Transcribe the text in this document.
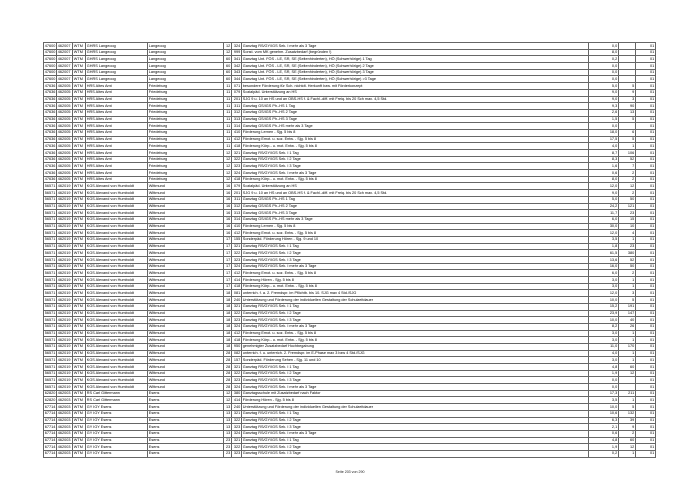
47600	462007	WTM	GHRS Langeoog	Langeoog	12	324	Ganztag RS/GY/IGS Sek. I mehr als 3 Tage	0,0		01
47600	462007	WTM	GHRS Langeoog	Langeoog	12	999	Sonst. vom MK genehm. Zusatzbedarf (begründen !)	8,0		01
47600	462007	WTM	GHRS Langeoog	Langeoog	60	341	Ganztag Unt. FÖS - LE, SR, SE (Seitenhinderten), HÖ (Schwerhörige) 1 Tag	0,2		01
47600	462007	WTM	GHRS Langeoog	Langeoog	60	342	Ganztag Unt. FÖS - LE, SR, SE (Seitenhinderten), HÖ (Schwerhörige) 2 Tage	0,0		01
47600	462007	WTM	GHRS Langeoog	Langeoog	60	343	Ganztag Unt. FÖS - LE, SR, SE (Seitenhinderten), HÖ (Schwerhörige) 3 Tage	0,0		01
47600	462007	WTM	GHRS Langeoog	Langeoog	60	344	Ganztag Unt. FÖS - LE, SR, SE (Seitenhinderten), HÖ (Schwerhörige) >3 Tage	0,0		01
47636	462005	WTM	HRS Altes Amt	Friedeburg	11	071	besondere Förderung für Sch. nichtdt. Herkunft bzw. mit Förderkonzept	5,0	5	01
47636	462005	WTM	HRS Altes Amt	Friedeburg	11	079	Sozialpäd. Unterstützung an HS	9,0	9	01
47636	462005	WTM	HRS Altes Amt	Friedeburg	11	201	SJG 9 u. 10 an HS und an OBS-HS f. & Fachl.-diff. mit Freiq. bis 20 Sch max. 4,5 Std.	9,0	3	01
47636	462005	WTM	HRS Altes Amt	Friedeburg	11	311	Ganztag GS/IGS Ph.-HS 1 Tag	9,3	90	01
47636	462005	WTM	HRS Altes Amt	Friedeburg	11	312	Ganztag GS/IGS Ph.-HS 2 Tage	2,6	13	01
47636	462005	WTM	HRS Altes Amt	Friedeburg	11	313	Ganztag GS/IGS Ph.-HS 3 Tage	1,5	5	01
47636	462005	WTM	HRS Altes Amt	Friedeburg	11	314	Ganztag GS/IGS Ph.-HS mehr als 3 Tage	0,0		01
47636	462005	WTM	HRS Altes Amt	Friedeburg	11	410	Förderung Lernen - Sjg. 5 bis 8	18,0	6	01
47636	462005	WTM	HRS Altes Amt	Friedeburg	11	412	Förderung Emot. u. soz. Entw. - Sjg. 5 bis 8	17,5	5	01
47636	462005	WTM	HRS Altes Amt	Friedeburg	11	418	Förderung Körp.- u. mot. Entw. - Sjg. 5 bis 8	4,0	1	01
47636	462005	WTM	HRS Altes Amt	Friedeburg	12	321	Ganztag RS/GY/IGS Sek. I 1 Tag	8,7	106	01
47636	462005	WTM	HRS Altes Amt	Friedeburg	12	322	Ganztag RS/GY/IGS Sek. I 2 Tage	8,3	52	01
47636	462005	WTM	HRS Altes Amt	Friedeburg	12	323	Ganztag RS/GY/IGS Sek. I 3 Tage	1,6	7	01
47636	462005	WTM	HRS Altes Amt	Friedeburg	12	324	Ganztag RS/GY/IGS Sek. I mehr als 3 Tage	0,6	2	01
47636	462005	WTM	HRS Altes Amt	Friedeburg	12	418	Förderung Körp.- u. mot. Entw. - Sjg. 5 bis 8	8,0	2	01
56571	462019	WTM	KGS Alexand von Humboldt	Wittmund	16	079	Sozialpäd. Unterstützung an HS	12,0	12	01
56571	462019	WTM	KGS Alexand von Humboldt	Wittmund	16	201	SJG 9 u. 10 an HS und an OBS-HS f. & Fachl.-diff. mit Freiq. bis 20 Sch max. 4,5 Std.	9,0	2	01
56571	462019	WTM	KGS Alexand von Humboldt	Wittmund	16	311	Ganztag GS/IGS Ph.-HS 1 Tag	5,0	50	01
56571	462019	WTM	KGS Alexand von Humboldt	Wittmund	16	312	Ganztag GS/IGS Ph.-HS 2 Tage	24,2	121	01
56571	462019	WTM	KGS Alexand von Humboldt	Wittmund	16	313	Ganztag GS/IGS Ph.-HS 3 Tage	11,7	23	01
56571	462019	WTM	KGS Alexand von Humboldt	Wittmund	16	314	Ganztag GS/IGS Ph.-HS mehr als 3 Tage	6,0	15	01
56571	462019	WTM	KGS Alexand von Humboldt	Wittmund	16	410	Förderung Lernen - Sjg. 5 bis 8	30,0	10	01
56571	462019	WTM	KGS Alexand von Humboldt	Wittmund	16	412	Förderung Emot. u. soz. Entw. - Sjg. 5 bis 8	12,0	4	01
56571	462019	WTM	KGS Alexand von Humboldt	Wittmund	17	155	Sonderpäd. Förderung Hören - Sjg. 9 und 10	3,5	1	01
56571	462019	WTM	KGS Alexand von Humboldt	Wittmund	17	321	Ganztag RS/GY/IGS Sek. I 1 Tag	1,8	23	01
56571	462019	WTM	KGS Alexand von Humboldt	Wittmund	17	322	Ganztag RS/GY/IGS Sek. I 2 Tage	61,5	380	01
56571	462019	WTM	KGS Alexand von Humboldt	Wittmund	17	323	Ganztag RS/GY/IGS Sek. I 3 Tage	13,6	52	01
56571	462019	WTM	KGS Alexand von Humboldt	Wittmund	17	324	Ganztag RS/GY/IGS Sek. I mehr als 3 Tage	16,0	50	01
56571	462019	WTM	KGS Alexand von Humboldt	Wittmund	17	412	Förderung Emot. u. soz. Entw. - Sjg. 5 bis 8	6,0	2	01
56571	462019	WTM	KGS Alexand von Humboldt	Wittmund	17	414	Förderung Hören - Sjg. 5 bis 8	3,0	1	01
56571	462019	WTM	KGS Alexand von Humboldt	Wittmund	17	418	Förderung Körp.- u. mot. Entw. - Sjg. 5 bis 8	3,0	1	01
56571	462019	WTM	KGS Alexand von Humboldt	Wittmund	18	081	unterrich. f. a. 2. Fremdspr. im Pflichtb. bis 10. SJG max 4 Std./SJG	12,0	3	01
56571	462019	WTM	KGS Alexand von Humboldt	Wittmund	18	240	Unterstützung und Förderung der individuellen Gestaltung der Schulzeitdauer	10,0	5	01
56571	462019	WTM	KGS Alexand von Humboldt	Wittmund	18	321	Ganztag RS/GY/IGS Sek. I 1 Tag	15,2	191	01
56571	462019	WTM	KGS Alexand von Humboldt	Wittmund	18	322	Ganztag RS/GY/IGS Sek. I 2 Tage	23,9	147	01
56571	462019	WTM	KGS Alexand von Humboldt	Wittmund	18	323	Ganztag RS/GY/IGS Sek. I 3 Tage	10,0	40	01
56571	462019	WTM	KGS Alexand von Humboldt	Wittmund	18	324	Ganztag RS/GY/IGS Sek. I mehr als 3 Tage	8,2	26	01
56571	462019	WTM	KGS Alexand von Humboldt	Wittmund	18	412	Förderung Emot. u. soz. Entw. - Sjg. 5 bis 8	3,0	1	01
56571	462019	WTM	KGS Alexand von Humboldt	Wittmund	18	418	Förderung Körp.- u. mot. Entw. - Sjg. 5 bis 8	3,0	1	01
56571	462019	WTM	KGS Alexand von Humboldt	Wittmund	18	950	genehmigter Zusatzbedarf Hochbegabung	11,0	170	01
56571	462019	WTM	KGS Alexand von Humboldt	Wittmund	28	082	unterrich. f. u. unterrich. 2. Fremdspr. im E-Phase max 3 bzw 4 Std./SJG	4,0	1	01
56571	462019	WTM	KGS Alexand von Humboldt	Wittmund	28	157	Sonderpäd. Förderung Sehen - Sjg. 11 und 10	3,0	1	01
56571	462019	WTM	KGS Alexand von Humboldt	Wittmund	28	321	Ganztag RS/GY/IGS Sek. I 1 Tag	4,8	60	01
56571	462019	WTM	KGS Alexand von Humboldt	Wittmund	28	322	Ganztag RS/GY/IGS Sek. I 2 Tage	1,9	12	01
56571	462019	WTM	KGS Alexand von Humboldt	Wittmund	28	323	Ganztag RS/GY/IGS Sek. I 3 Tage	0,0		01
56571	462019	WTM	KGS Alexand von Humboldt	Wittmund	28	324	Ganztag RS/GY/IGS Sek. I mehr als 3 Tage	0,0		01
62820	462003	WTM	RS Carl Gittermann	Esens	12	380	Ganztagsschule mit Zusatzbedarf nach Faktor	17,3	211	01
62820	462003	WTM	RS Carl Gittermann	Esens	12	414	Förderung Hören - Sjg. 5 bis 8	3,5	1	01
67714	462003	WTM	GY IGY Esens	Esens	13	240	Unterstützung und Förderung der individuellen Gestaltung der Schulzeitdauer	10,0	5	01
67714	462003	WTM	GY IGY Esens	Esens	13	321	Ganztag RS/GY/IGS Sek. I 1 Tag	10,6	132	01
67714	462003	WTM	GY IGY Esens	Esens	13	322	Ganztag RS/GY/IGS Sek. I 2 Tage	6,3	39	01
67714	462003	WTM	GY IGY Esens	Esens	13	323	Ganztag RS/GY/IGS Sek. I 3 Tage	2,1	9	01
67714	462003	WTM	GY IGY Esens	Esens	13	324	Ganztag RS/GY/IGS Sek. I mehr als 3 Tage	0,6	2	01
67714	462003	WTM	GY IGY Esens	Esens	23	321	Ganztag RS/GY/IGS Sek. I 1 Tag	4,8	60	01
67714	462003	WTM	GY IGY Esens	Esens	23	322	Ganztag RS/GY/IGS Sek. I 2 Tage	1,9	12	01
67714	462003	WTM	GY IGY Esens	Esens	23	323	Ganztag RS/GY/IGS Sek. I 3 Tage	0,2	1	01
Seite 203 von 290
